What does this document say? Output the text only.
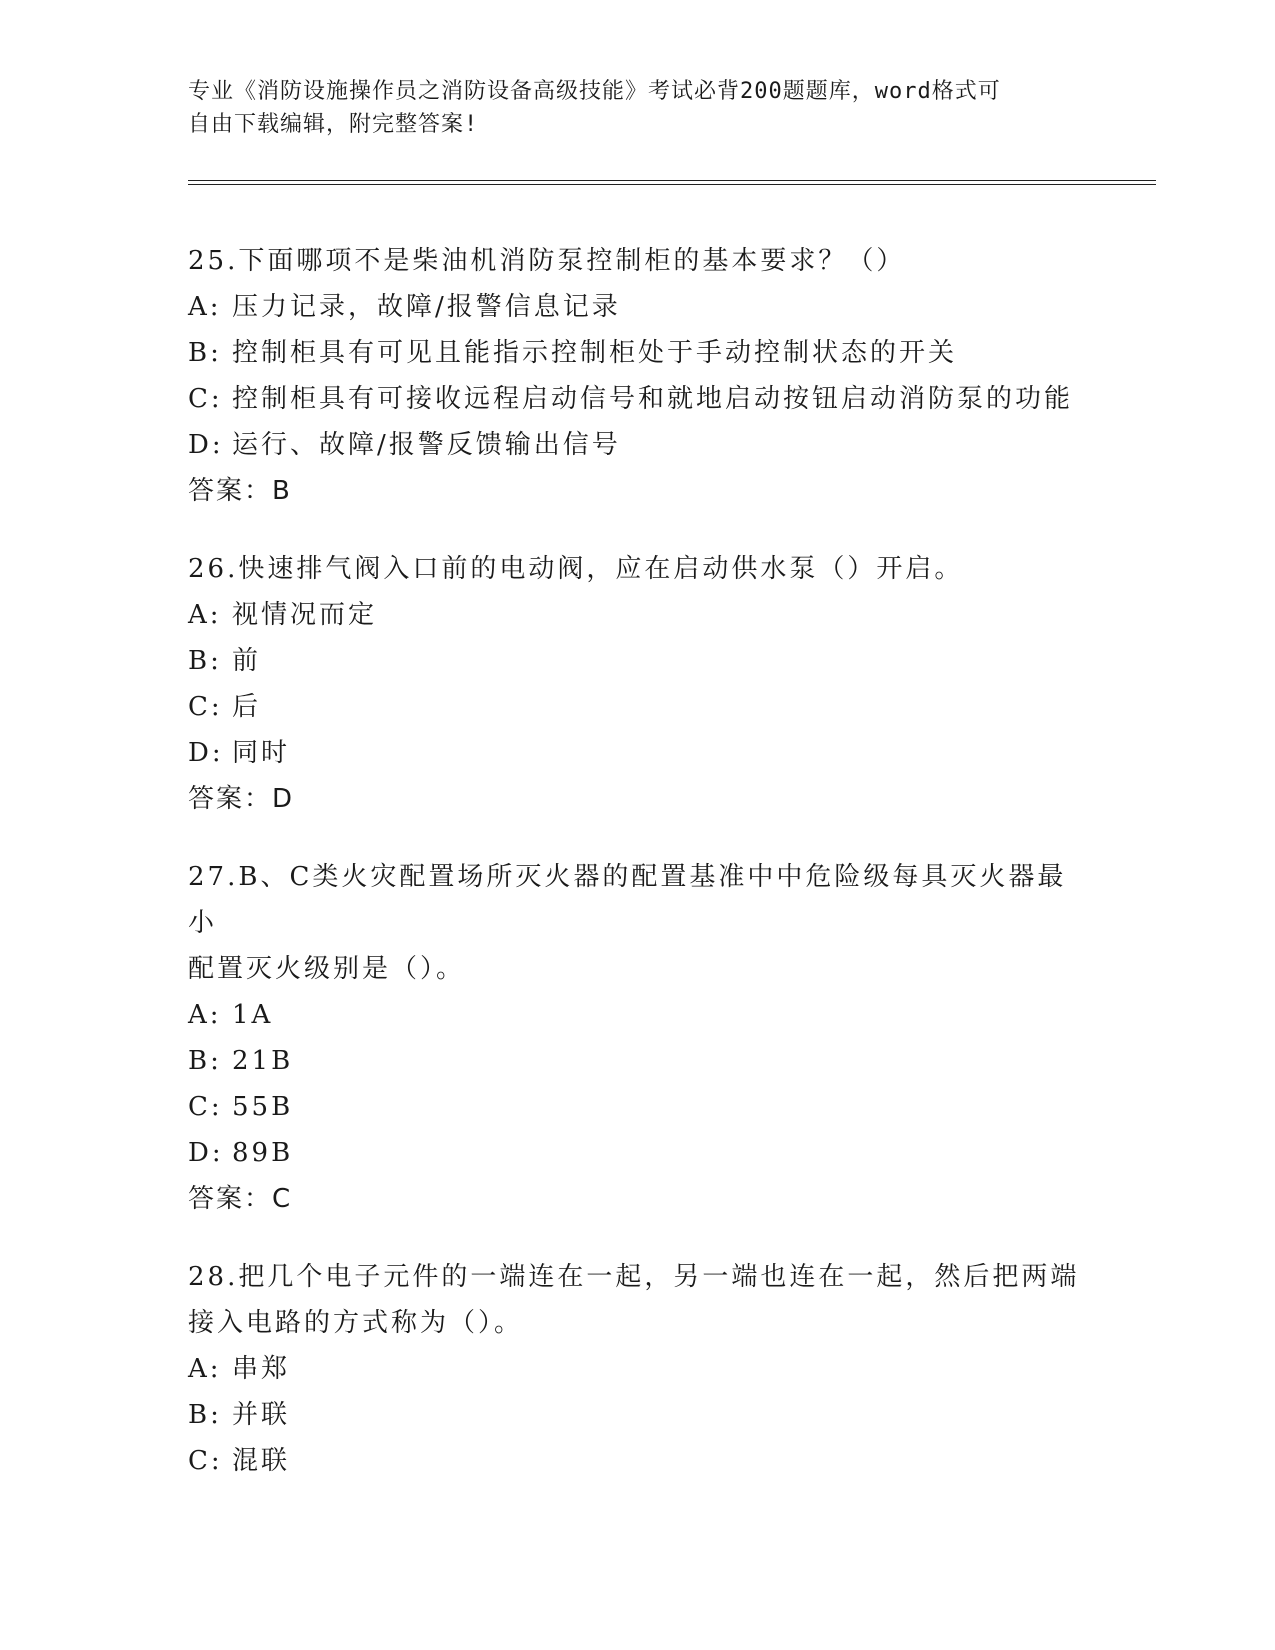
专业《消防设施操作员之消防设备高级技能》考试必背200题题库，word格式可
自由下载编辑，附完整答案!

25.下面哪项不是柴油机消防泵控制柜的基本要求？（）

A: 压力记录，故障/报警信息记录

B: 控制柜具有可见且能指示控制柜处于手动控制状态的开关

C: 控制柜具有可接收远程启动信号和就地启动按钮启动消防泵的功能

D: 运行、故障/报警反馈输出信号

答案：B

26.快速排气阀入口前的电动阀，应在启动供水泵（）开启。

A: 视情况而定

B: 前

C: 后

D: 同时

答案：D

27.B、C类火灾配置场所灭火器的配置基准中中危险级每具灭火器最小

配置灭火级别是（）。

A: 1A

B: 21B

C: 55B

D: 89B

答案：C

28.把几个电子元件的一端连在一起，另一端也连在一起，然后把两端

接入电路的方式称为（）。

A: 串郑

B: 并联

C: 混联
